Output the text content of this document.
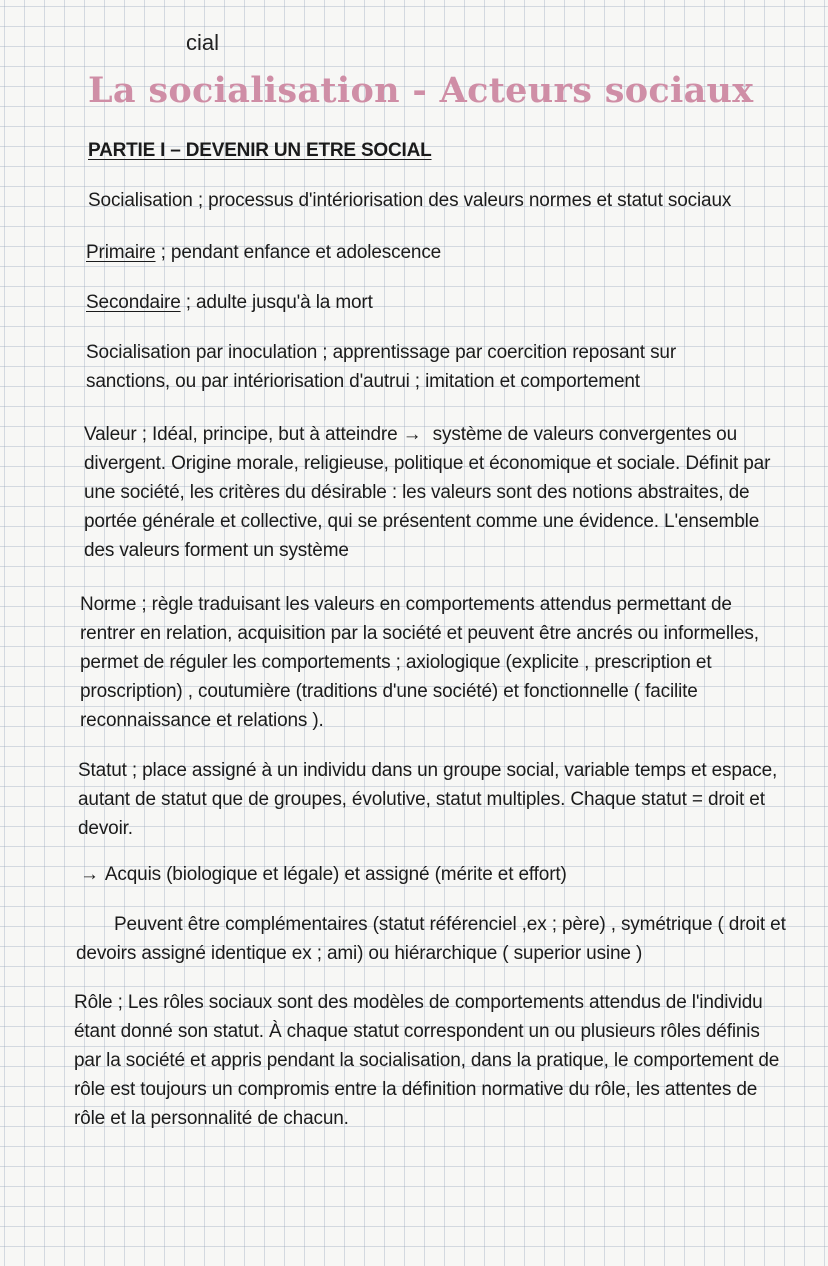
cial
La socialisation - Acteurs sociaux
PARTIE I – DEVENIR UN ETRE SOCIAL

Socialisation ; processus d'intériorisation des valeurs normes et statut sociaux

Primaire ; pendant enfance et adolescence

Secondaire ; adulte jusqu'à la mort

Socialisation par inoculation ; apprentissage par coercition reposant sur sanctions, ou par intériorisation d'autrui ; imitation et comportement

Valeur ; Idéal, principe, but à atteindre → système de valeurs convergentes ou divergent. Origine morale, religieuse, politique et économique et sociale. Définit par une société, les critères du désirable : les valeurs sont des notions abstraites, de portée générale et collective, qui se présentent comme une évidence. L'ensemble des valeurs forment un système

Norme ; règle traduisant les valeurs en comportements attendus permettant de rentrer en relation, acquisition par la société et peuvent être ancrés ou informelles, permet de réguler les comportements ; axiologique (explicite , prescription et proscription) , coutumière (traditions d'une société) et fonctionnelle ( facilite reconnaissance et relations ).

Statut ; place assigné à un individu dans un groupe social, variable temps et espace, autant de statut que de groupes, évolutive, statut multiples. Chaque statut = droit et devoir.

→ Acquis (biologique et légale) et assigné (mérite et effort)

Peuvent être complémentaires (statut référenciel ,ex ; père) , symétrique ( droit et devoirs assigné identique ex ; ami) ou hiérarchique ( superior usine )

Rôle ; Les rôles sociaux sont des modèles de comportements attendus de l'individu étant donné son statut. À chaque statut correspondent un ou plusieurs rôles définis par la société et appris pendant la socialisation, dans la pratique, le comportement de rôle est toujours un compromis entre la définition normative du rôle, les attentes de rôle et la personnalité de chacun.
